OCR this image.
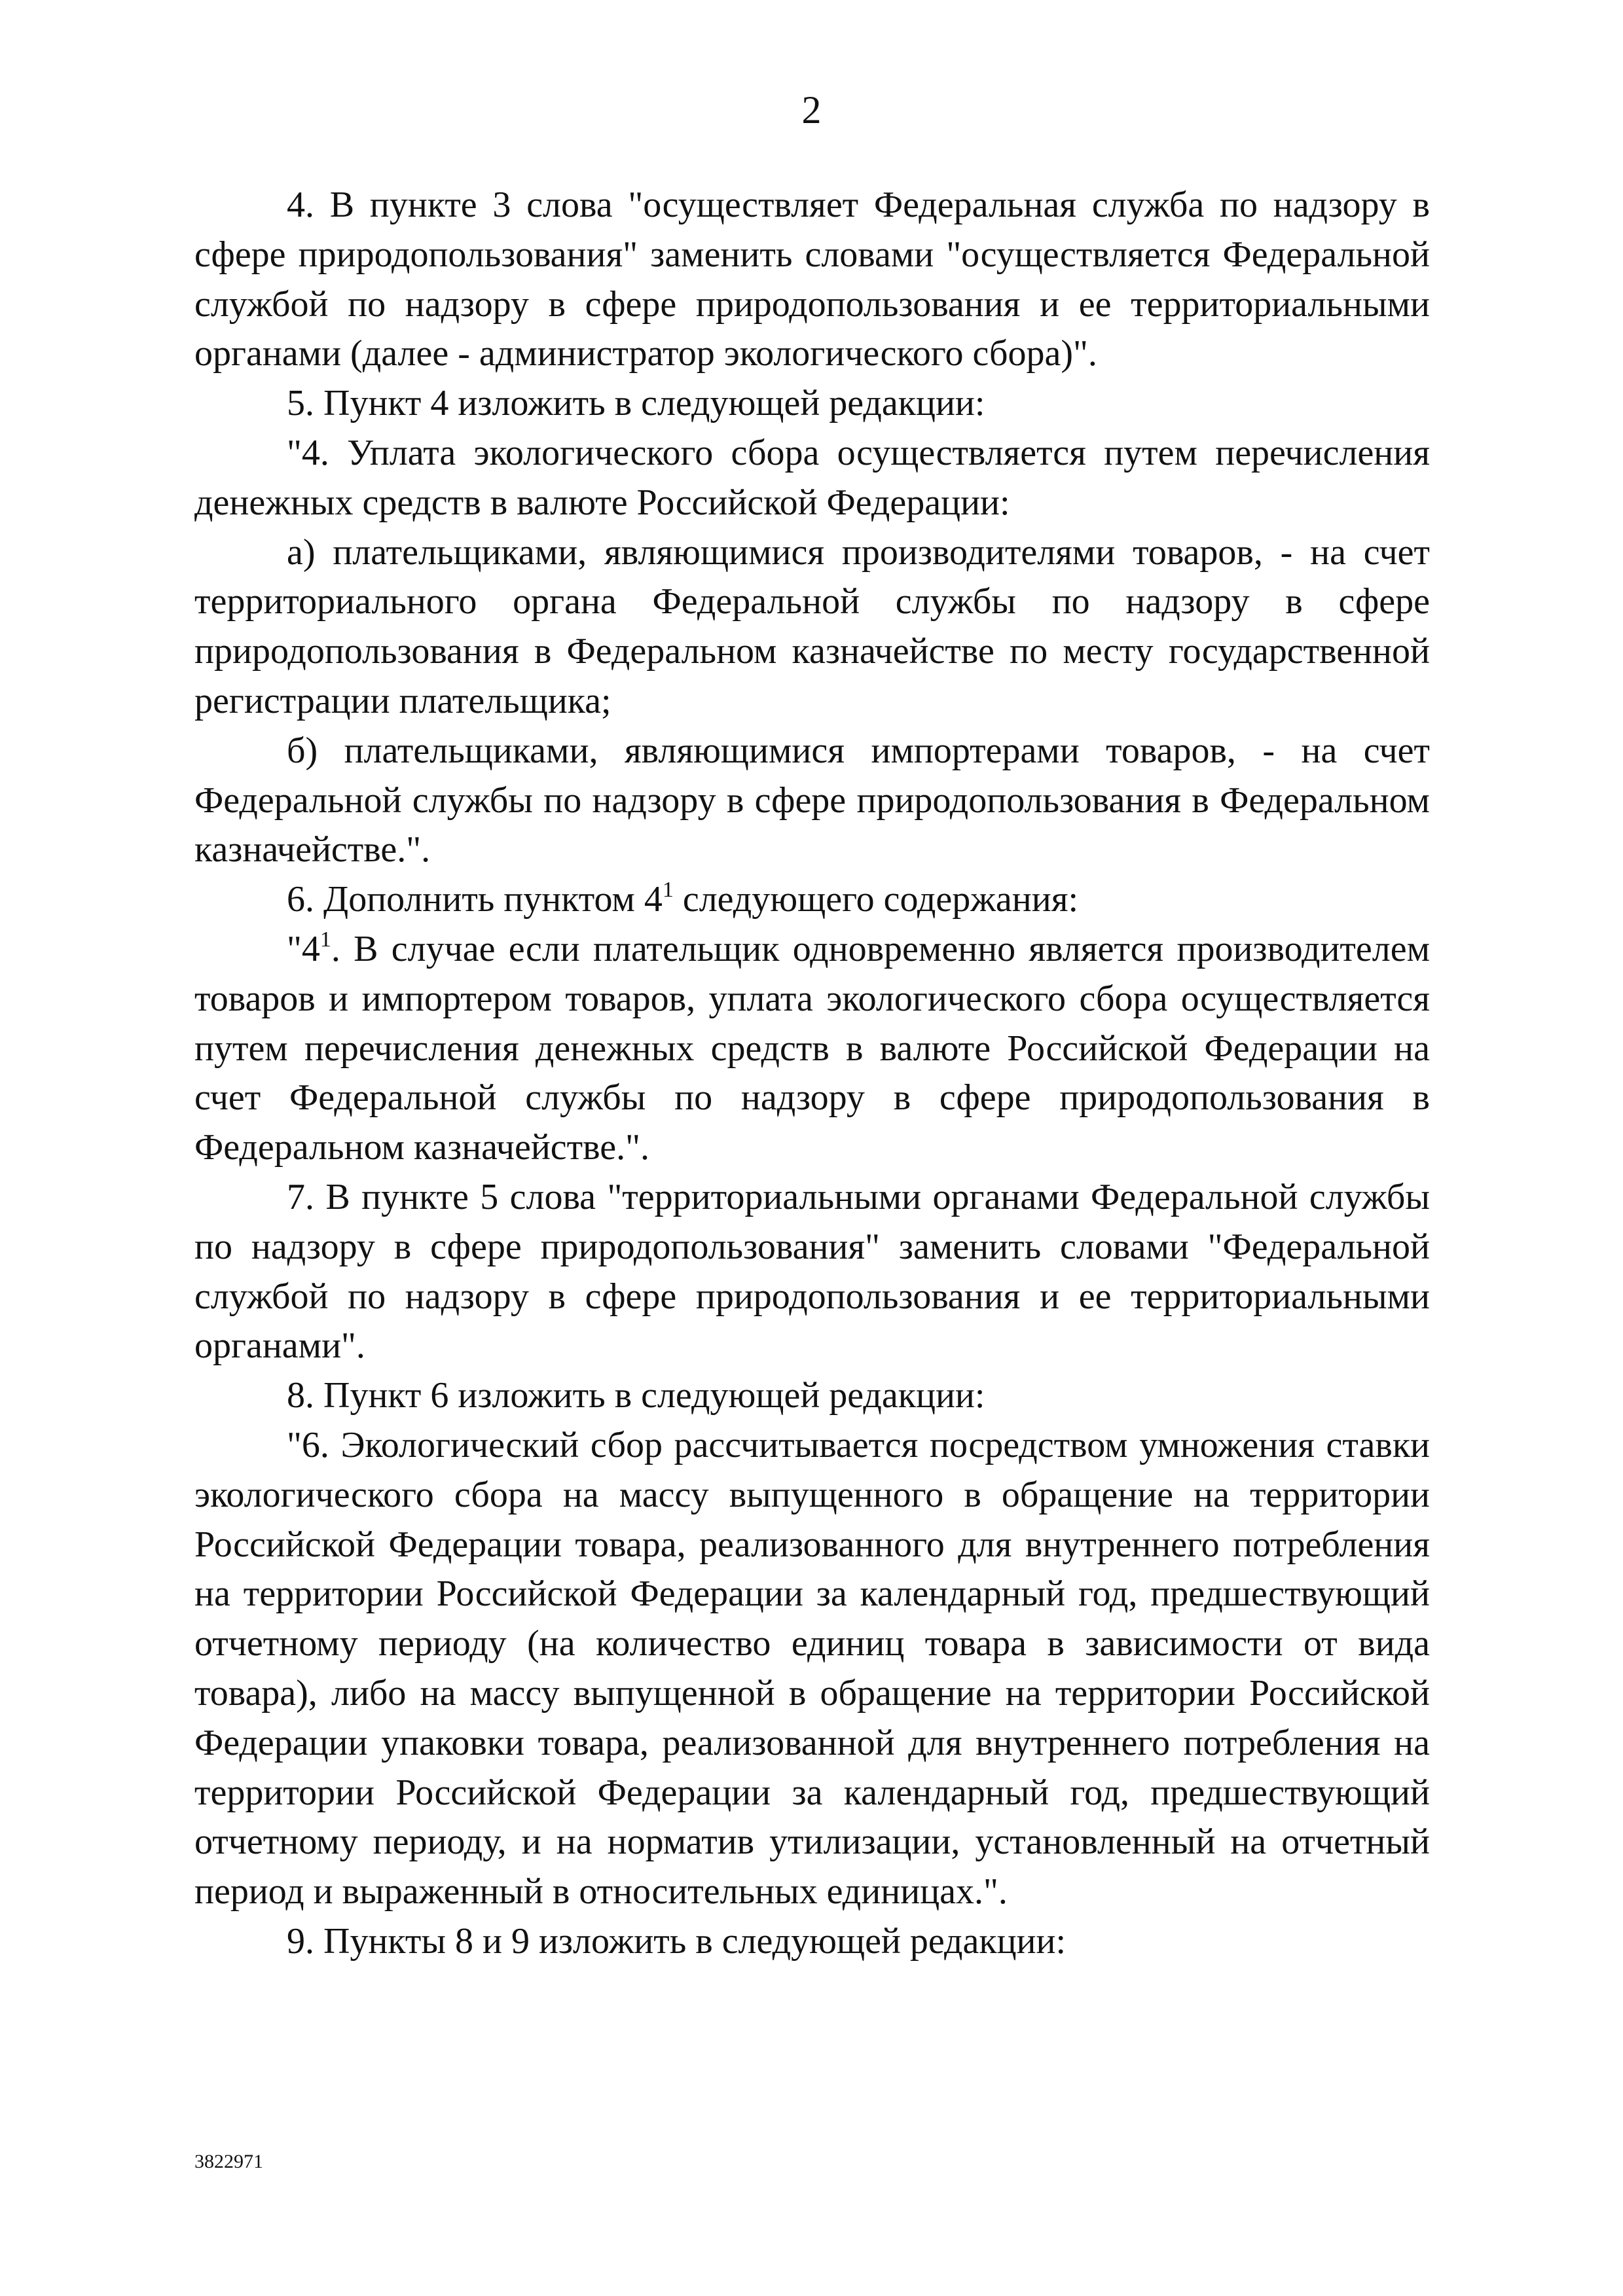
2

4. В пункте 3 слова "осуществляет Федеральная служба по надзору в сфере природопользования" заменить словами "осуществляется Федеральной службой по надзору в сфере природопользования и ее территориальными органами (далее - администратор экологического сбора)".

5. Пункт 4 изложить в следующей редакции:

"4. Уплата экологического сбора осуществляется путем перечисления денежных средств в валюте Российской Федерации:

а) плательщиками, являющимися производителями товаров, - на счет территориального органа Федеральной службы по надзору в сфере природопользования в Федеральном казначействе по месту государственной регистрации плательщика;

б) плательщиками, являющимися импортерами товаров, - на счет Федеральной службы по надзору в сфере природопользования в Федеральном казначействе.".

6. Дополнить пунктом $4^1$ следующего содержания:

"$4^1$. В случае если плательщик одновременно является производителем товаров и импортером товаров, уплата экологического сбора осуществляется путем перечисления денежных средств в валюте Российской Федерации на счет Федеральной службы по надзору в сфере природопользования в Федеральном казначействе.".

7. В пункте 5 слова "территориальными органами Федеральной службы по надзору в сфере природопользования" заменить словами "Федеральной службой по надзору в сфере природопользования и ее территориальными органами".

8. Пункт 6 изложить в следующей редакции:

"6. Экологический сбор рассчитывается посредством умножения ставки экологического сбора на массу выпущенного в обращение на территории Российской Федерации товара, реализованного для внутреннего потребления на территории Российской Федерации за календарный год, предшествующий отчетному периоду (на количество единиц товара в зависимости от вида товара), либо на массу выпущенной в обращение на территории Российской Федерации упаковки товара, реализованной для внутреннего потребления на территории Российской Федерации за календарный год, предшествующий отчетному периоду, и на норматив утилизации, установленный на отчетный период и выраженный в относительных единицах.".

9. Пункты 8 и 9 изложить в следующей редакции:

3822971
